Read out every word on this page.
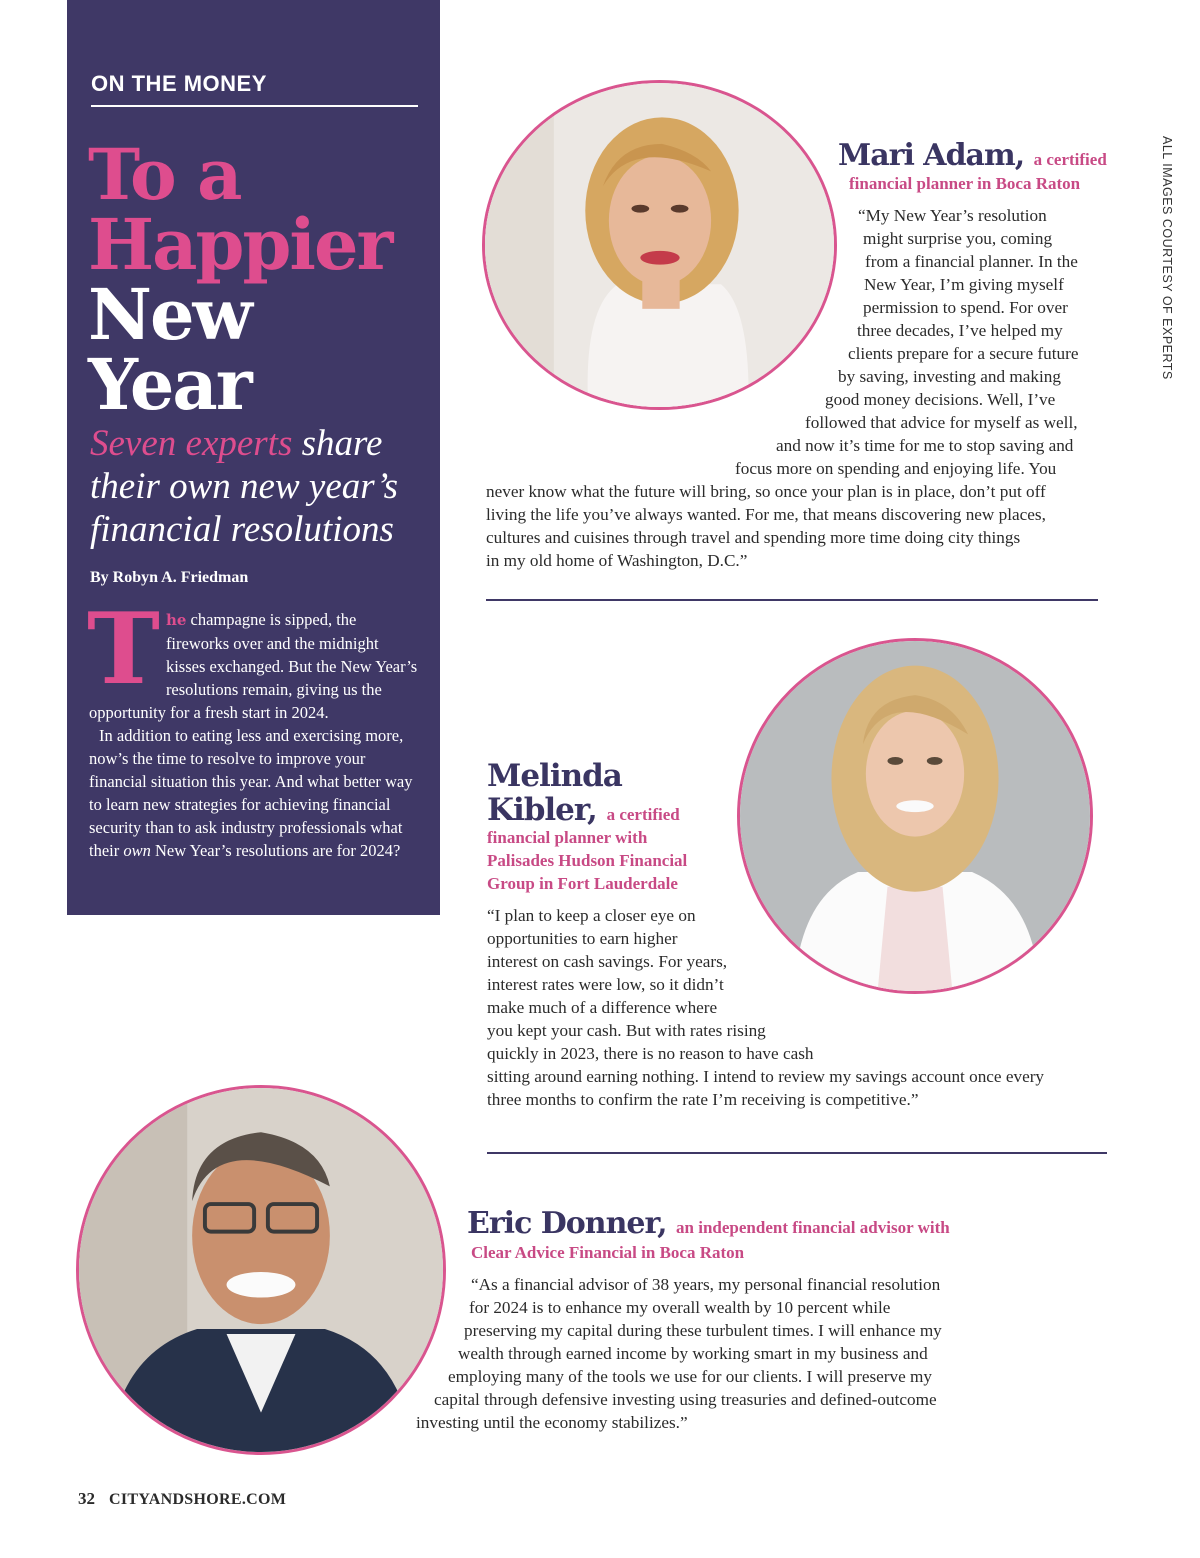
ON THE MONEY
To a
Happier
New
Year

Seven experts share
their own new year’s
financial resolutions

By Robyn A. Friedman

The champagne is sipped, the fireworks over and the midnight kisses exchanged. But the New Year’s resolutions remain, giving us the opportunity for a fresh start in 2024.
In addition to eating less and exercising more, now’s the time to resolve to improve your financial situation this year. And what better way to learn new strategies for achieving financial security than to ask industry professionals what their own New Year’s resolutions are for 2024?

ALL IMAGES COURTESY OF EXPERTS
Mari Adam, a certified
financial planner in Boca Raton
“My New Year’s resolution
might surprise you, coming
from a financial planner. In the
New Year, I’m giving myself
permission to spend. For over
three decades, I’ve helped my
clients prepare for a secure future
by saving, investing and making
good money decisions. Well, I’ve
followed that advice for myself as well,
and now it’s time for me to stop saving and
focus more on spending and enjoying life. You
never know what the future will bring, so once your plan is in place, don’t put off
living the life you’ve always wanted. For me, that means discovering new places,
cultures and cuisines through travel and spending more time doing city things
in my old home of Washington, D.C.”
Melinda
Kibler, a certified
financial planner with
Palisades Hudson Financial
Group in Fort Lauderdale
“I plan to keep a closer eye on
opportunities to earn higher
interest on cash savings. For years,
interest rates were low, so it didn’t
make much of a difference where
you kept your cash. But with rates rising
quickly in 2023, there is no reason to have cash
sitting around earning nothing. I intend to review my savings account once every
three months to confirm the rate I’m receiving is competitive.”
Eric Donner, an independent financial advisor with
Clear Advice Financial in Boca Raton
“As a financial advisor of 38 years, my personal financial resolution
for 2024 is to enhance my overall wealth by 10 percent while
preserving my capital during these turbulent times. I will enhance my
wealth through earned income by working smart in my business and
employing many of the tools we use for our clients. I will preserve my
capital through defensive investing using treasuries and defined-outcome
investing until the economy stabilizes.”
32 CITYANDSHORE.COM
